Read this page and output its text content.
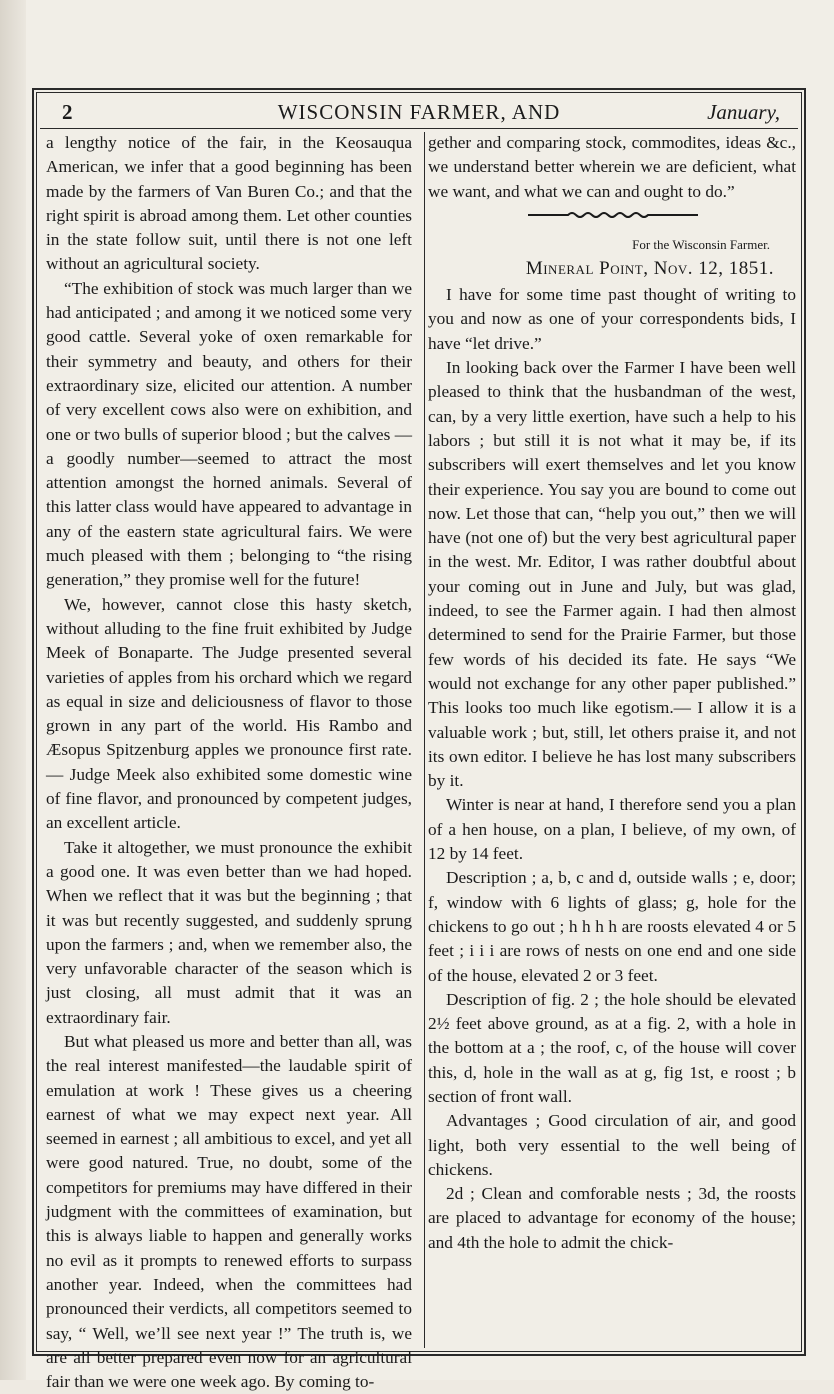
2	WISCONSIN FARMER, AND	January,

a lengthy notice of the fair, in the Keosauqua American, we infer that a good beginning has been made by the farmers of Van Buren Co.; and that the right spirit is abroad among them. Let other counties in the state follow suit, until there is not one left without an agricultural society.

“The exhibition of stock was much larger than we had anticipated ; and among it we noticed some very good cattle. Several yoke of oxen remarkable for their symmetry and beauty, and others for their extraordinary size, elicited our attention. A number of very excellent cows also were on exhibition, and one or two bulls of superior blood ; but the calves —a goodly number—seemed to attract the most attention amongst the horned animals. Several of this latter class would have appeared to advantage in any of the eastern state agricultural fairs. We were much pleased with them ; belonging to “the rising generation,” they promise well for the future!

We, however, cannot close this hasty sketch, without alluding to the fine fruit exhibited by Judge Meek of Bonaparte. The Judge presented several varieties of apples from his orchard which we regard as equal in size and deliciousness of flavor to those grown in any part of the world. His Rambo and Æsopus Spitzenburg apples we pronounce first rate.— Judge Meek also exhibited some domestic wine of fine flavor, and pronounced by competent judges, an excellent article.

Take it altogether, we must pronounce the exhibit a good one. It was even better than we had hoped. When we reflect that it was but the beginning ; that it was but recently suggested, and suddenly sprung upon the farmers ; and, when we remember also, the very unfavorable character of the season which is just closing, all must admit that it was an extraordinary fair.

But what pleased us more and better than all, was the real interest manifested—the laudable spirit of emulation at work ! These gives us a cheering earnest of what we may expect next year. All seemed in earnest ; all ambitious to excel, and yet all were good natured. True, no doubt, some of the competitors for premiums may have differed in their judgment with the committees of examination, but this is always liable to happen and generally works no evil as it prompts to renewed efforts to surpass another year. Indeed, when the committees had pronounced their verdicts, all competitors seemed to say, “ Well, we’ll see next year !” The truth is, we are all better prepared even now for an agricultural fair than we were one week ago. By coming to-

gether and comparing stock, commodites, ideas &c., we understand better wherein we are deficient, what we want, and what we can and ought to do.”

For the Wisconsin Farmer.
Mineral Point, Nov. 12, 1851.

I have for some time past thought of writing to you and now as one of your correspondents bids, I have “let drive.”

In looking back over the Farmer I have been well pleased to think that the husbandman of the west, can, by a very little exertion, have such a help to his labors ; but still it is not what it may be, if its subscribers will exert themselves and let you know their experience. You say you are bound to come out now. Let those that can, “help you out,” then we will have (not one of) but the very best agricultural paper in the west. Mr. Editor, I was rather doubtful about your coming out in June and July, but was glad, indeed, to see the Farmer again. I had then almost determined to send for the Prairie Farmer, but those few words of his decided its fate. He says “We would not exchange for any other paper published.” This looks too much like egotism.— I allow it is a valuable work ; but, still, let others praise it, and not its own editor. I believe he has lost many subscribers by it.

Winter is near at hand, I therefore send you a plan of a hen house, on a plan, I believe, of my own, of 12 by 14 feet.

Description ; a, b, c and d, outside walls ; e, door; f, window with 6 lights of glass; g, hole for the chickens to go out ; h h h h are roosts elevated 4 or 5 feet ; i i i are rows of nests on one end and one side of the house, elevated 2 or 3 feet.

Description of fig. 2 ; the hole should be elevated 2½ feet above ground, as at a fig. 2, with a hole in the bottom at a ; the roof, c, of the house will cover this, d, hole in the wall as at g, fig 1st, e roost ; b section of front wall.

Advantages ; Good circulation of air, and good light, both very essential to the well being of chickens.

2d ; Clean and comforable nests ; 3d, the roosts are placed to advantage for economy of the house; and 4th the hole to admit the chick-
